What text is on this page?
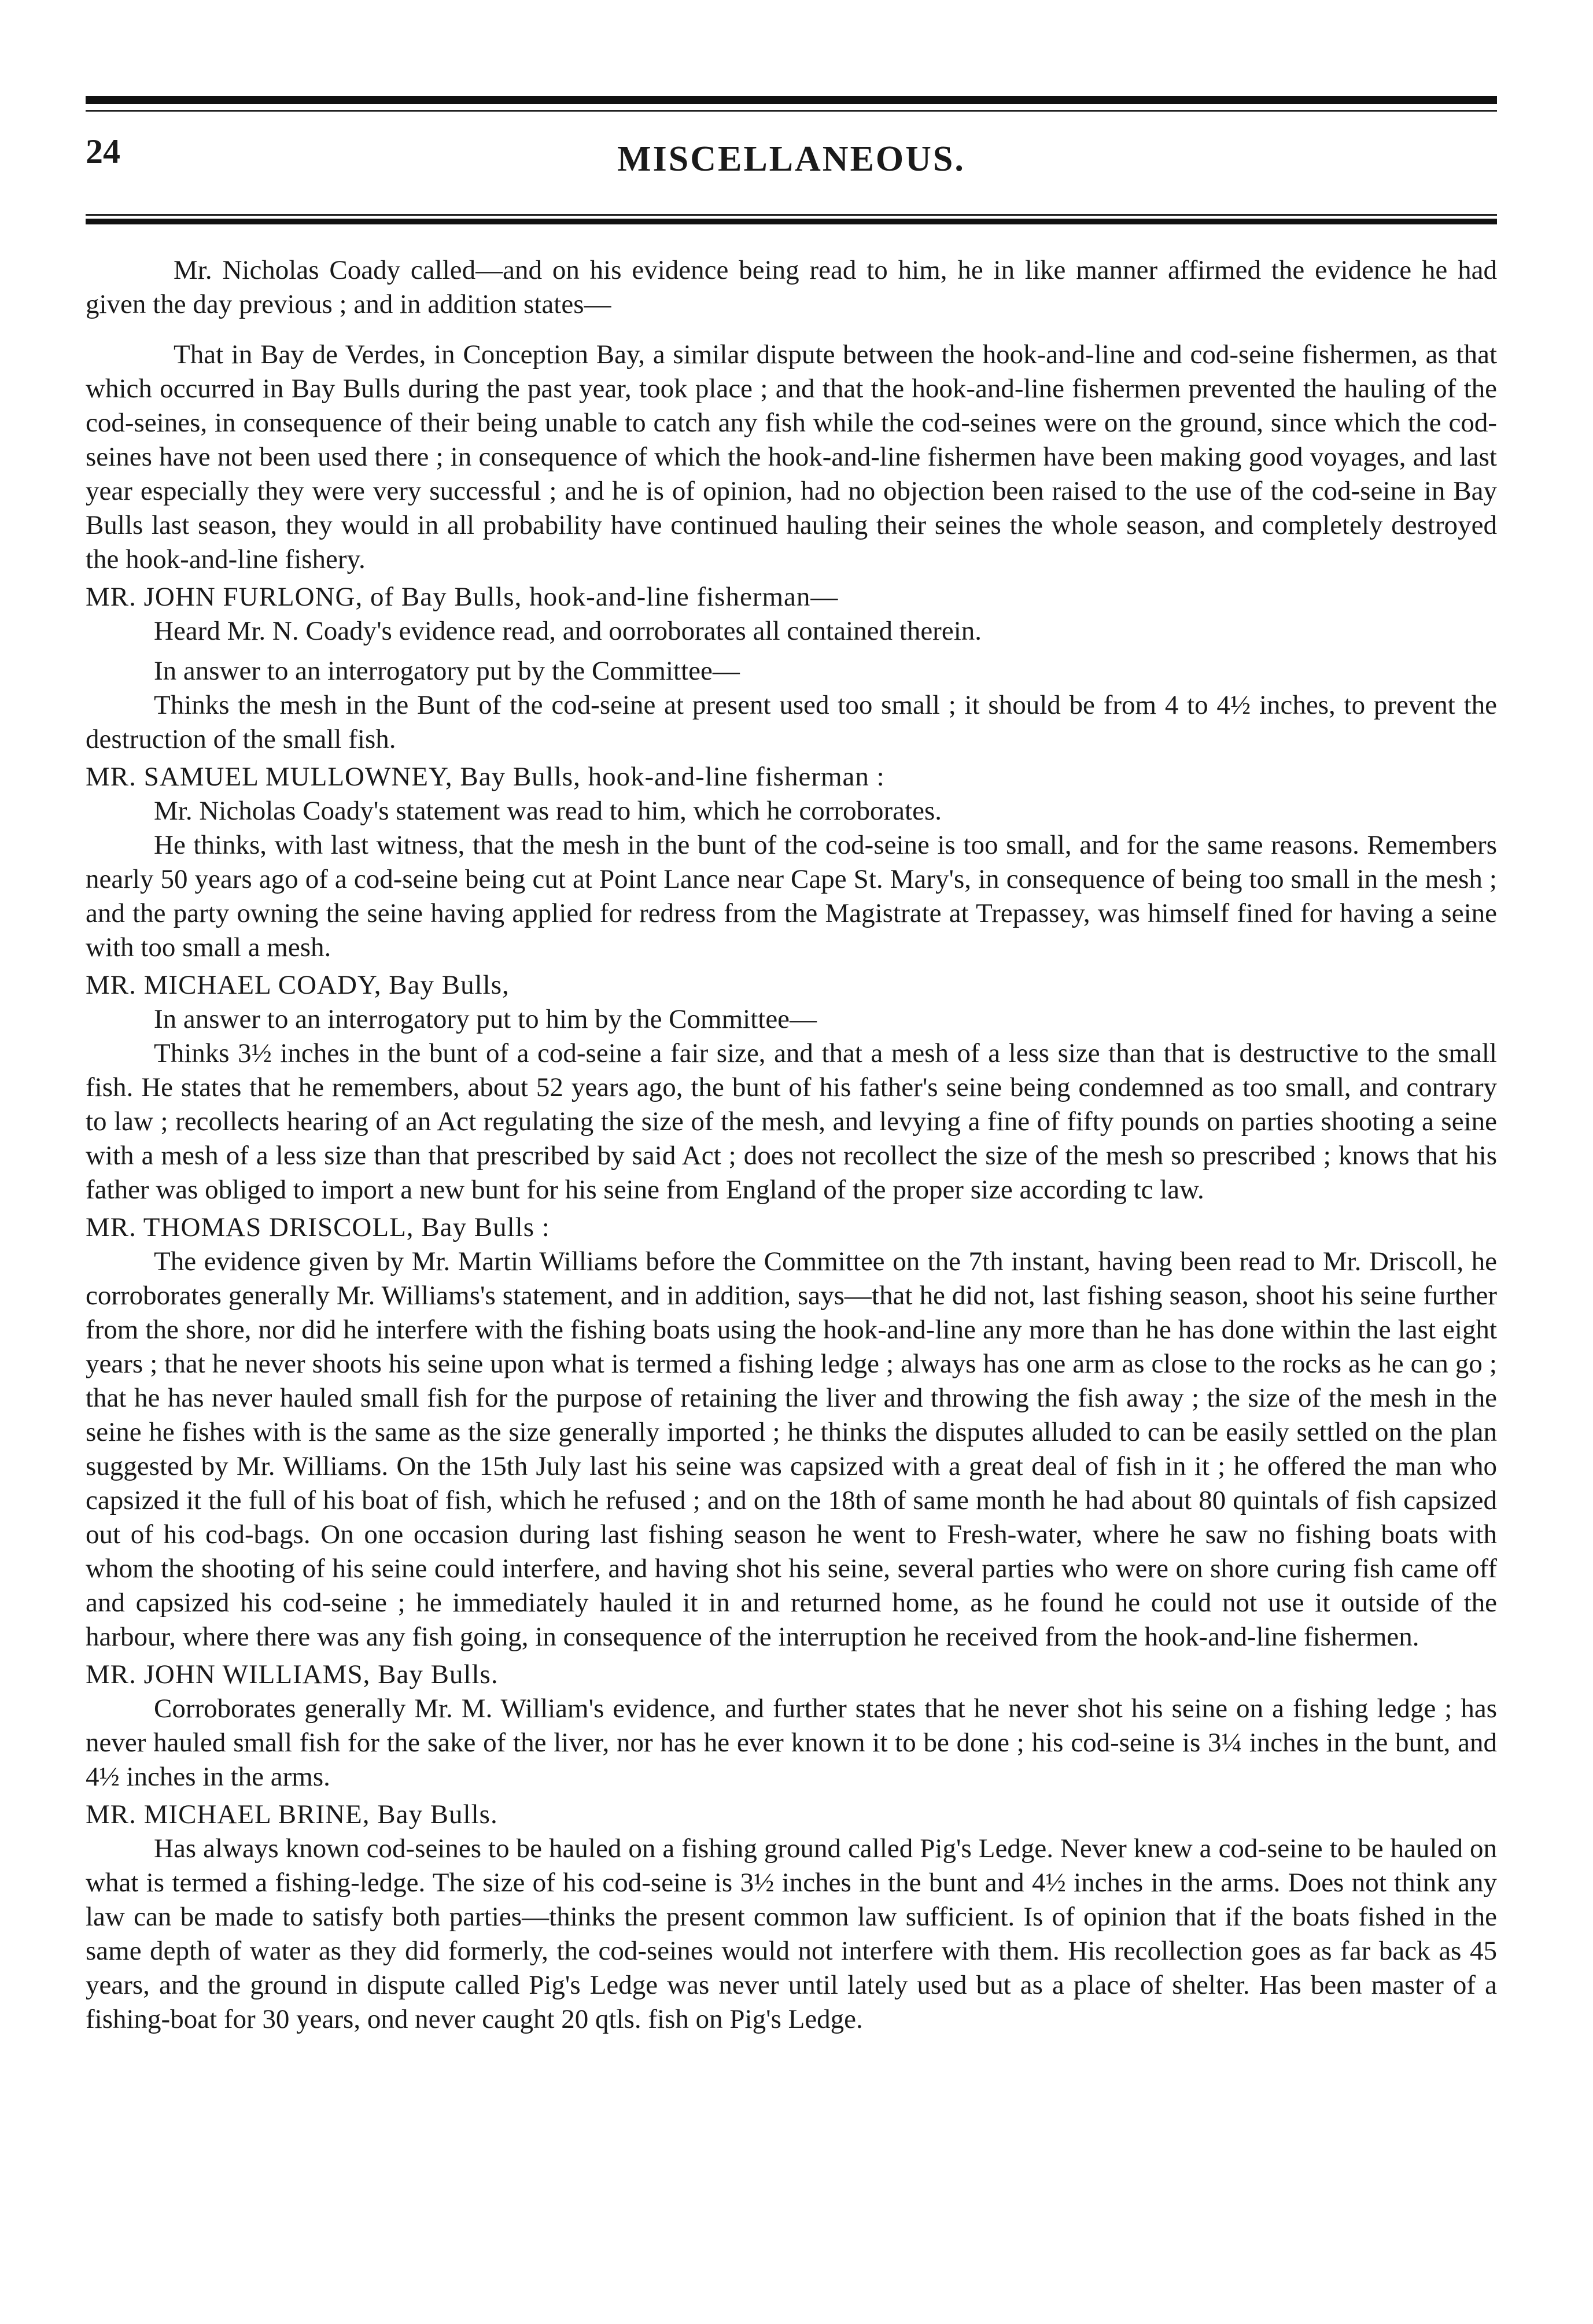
24	MISCELLANEOUS.

Mr. Nicholas Coady called—and on his evidence being read to him, he in like manner affirmed the evidence he had given the day previous ; and in addition states—

That in Bay de Verdes, in Conception Bay, a similar dispute between the hook-and-line and cod-seine fishermen, as that which occurred in Bay Bulls during the past year, took place ; and that the hook-and-line fishermen prevented the hauling of the cod-seines, in consequence of their being unable to catch any fish while the cod-seines were on the ground, since which the cod-seines have not been used there ; in consequence of which the hook-and-line fishermen have been making good voyages, and last year especially they were very successful ; and he is of opinion, had no objection been raised to the use of the cod-seine in Bay Bulls last season, they would in all probability have continued hauling their seines the whole season, and completely destroyed the hook-and-line fishery.

MR. JOHN FURLONG, of Bay Bulls, hook-and-line fisherman—

Heard Mr. N. Coady's evidence read, and oorroborates all contained therein.

In answer to an interrogatory put by the Committee—

Thinks the mesh in the Bunt of the cod-seine at present used too small ; it should be from 4 to 4½ inches, to prevent the destruction of the small fish.

MR. SAMUEL MULLOWNEY, Bay Bulls, hook-and-line fisherman :

Mr. Nicholas Coady's statement was read to him, which he corroborates.

He thinks, with last witness, that the mesh in the bunt of the cod-seine is too small, and for the same reasons. Remembers nearly 50 years ago of a cod-seine being cut at Point Lance near Cape St. Mary's, in consequence of being too small in the mesh ; and the party owning the seine having applied for redress from the Magistrate at Trepassey, was himself fined for having a seine with too small a mesh.

MR. MICHAEL COADY, Bay Bulls,

In answer to an interrogatory put to him by the Committee—

Thinks 3½ inches in the bunt of a cod-seine a fair size, and that a mesh of a less size than that is destructive to the small fish. He states that he remembers, about 52 years ago, the bunt of his father's seine being condemned as too small, and contrary to law ; recollects hearing of an Act regulating the size of the mesh, and levying a fine of fifty pounds on parties shooting a seine with a mesh of a less size than that prescribed by said Act ; does not recollect the size of the mesh so prescribed ; knows that his father was obliged to import a new bunt for his seine from England of the proper size according tc law.

MR. THOMAS DRISCOLL, Bay Bulls :

The evidence given by Mr. Martin Williams before the Committee on the 7th instant, having been read to Mr. Driscoll, he corroborates generally Mr. Williams's statement, and in addition, says—that he did not, last fishing season, shoot his seine further from the shore, nor did he interfere with the fishing boats using the hook-and-line any more than he has done within the last eight years ; that he never shoots his seine upon what is termed a fishing ledge ; always has one arm as close to the rocks as he can go ; that he has never hauled small fish for the purpose of retaining the liver and throwing the fish away ; the size of the mesh in the seine he fishes with is the same as the size generally imported ; he thinks the disputes alluded to can be easily settled on the plan suggested by Mr. Williams. On the 15th July last his seine was capsized with a great deal of fish in it ; he offered the man who capsized it the full of his boat of fish, which he refused ; and on the 18th of same month he had about 80 quintals of fish capsized out of his cod-bags. On one occasion during last fishing season he went to Fresh-water, where he saw no fishing boats with whom the shooting of his seine could interfere, and having shot his seine, several parties who were on shore curing fish came off and capsized his cod-seine ; he immediately hauled it in and returned home, as he found he could not use it outside of the harbour, where there was any fish going, in consequence of the interruption he received from the hook-and-line fishermen.

MR. JOHN WILLIAMS, Bay Bulls.

Corroborates generally Mr. M. William's evidence, and further states that he never shot his seine on a fishing ledge ; has never hauled small fish for the sake of the liver, nor has he ever known it to be done ; his cod-seine is 3¼ inches in the bunt, and 4½ inches in the arms.

MR. MICHAEL BRINE, Bay Bulls.

Has always known cod-seines to be hauled on a fishing ground called Pig's Ledge. Never knew a cod-seine to be hauled on what is termed a fishing-ledge. The size of his cod-seine is 3½ inches in the bunt and 4½ inches in the arms. Does not think any law can be made to satisfy both parties—thinks the present common law sufficient. Is of opinion that if the boats fished in the same depth of water as they did formerly, the cod-seines would not interfere with them. His recollection goes as far back as 45 years, and the ground in dispute called Pig's Ledge was never until lately used but as a place of shelter. Has been master of a fishing-boat for 30 years, ond never caught 20 qtls. fish on Pig's Ledge.
